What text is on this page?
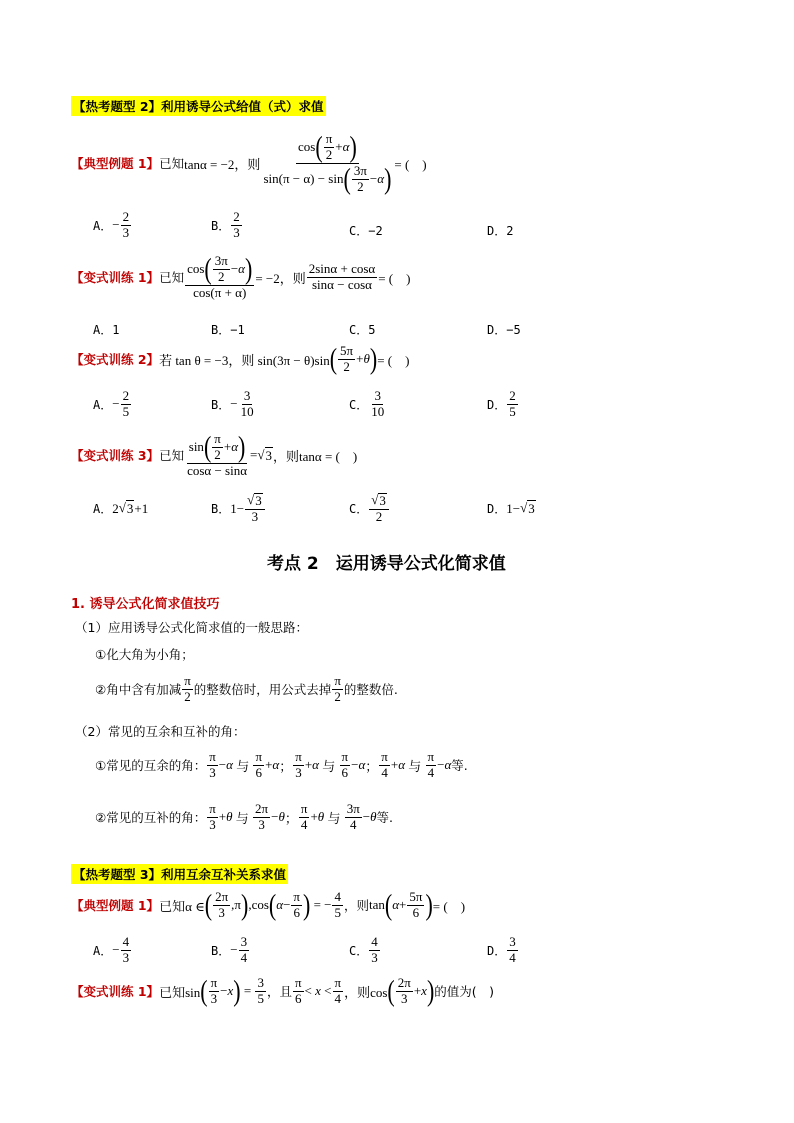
【热考题型 2】利用诱导公式给值（式）求值
【典型例题 1】 已知 tanα = −2，则 $\frac{\cos ( \frac{\pi}{2} + \alpha )}{\sin(\pi - \alpha) - \sin ( \frac{3\pi}{2} - \alpha )}$ = (　)
A． − $\frac{2}{3}$	B． $\frac{2}{3}$	C．−2	D．2
【变式训练 1】 已知 $\frac{\cos ( \frac{3\pi}{2} - \alpha )}{\cos(\pi + \alpha)} = -2$，则 $\frac{2\sin\alpha + \cos\alpha}{\sin\alpha - \cos\alpha}$ = (　)
A．1	B．−1	C．5	D．−5
【变式训练 2】 若 tan θ = −3，则 sin(3π − θ)sin ( $\frac{5\pi}{2} + \theta$ ) = (　)
A． − $\frac{2}{5}$	B． − $\frac{3}{10}$	C． $\frac{3}{10}$	D． $\frac{2}{5}$
【变式训练 3】 已知 $\frac{\sin ( \frac{\pi}{2} + \alpha )}{\cos\alpha - \sin\alpha}$ = √ 3 ，则tanα = (　)
A． 2 √ 3 +1	B． $1- \frac{√ 3}{3}$	C． $\frac{√ 3}{2}$	D． 1− √ 3
考点 2　运用诱导公式化简求值
1. 诱导公式化简求值技巧
（1）应用诱导公式化简求值的一般思路：
①化大角为小角；
②角中含有加减 $\frac{\pi}{2}$ 的整数倍时，用公式去掉 $\frac{\pi}{2}$ 的整数倍.
（2）常见的互余和互补的角：
①常见的互余的角： $\frac{\pi}{3} - \alpha$ 与 $\frac{\pi}{6} + \alpha$ ； $\frac{\pi}{3} + \alpha$ 与 $\frac{\pi}{6} - \alpha$ ； $\frac{\pi}{4} + \alpha$ 与 $\frac{\pi}{4} - \alpha$ 等.
②常见的互补的角： $\frac{\pi}{3} + \theta$ 与 $\frac{2\pi}{3} - \theta$ ； $\frac{\pi}{4} + \theta$ 与 $\frac{3\pi}{4} - \theta$ 等.
【热考题型 3】利用互余互补关系求值
【典型例题 1】 已知α ∈ ( $\frac{2\pi}{3} ,\pi$ ) ,cos ( $\alpha - \frac{\pi}{6}$ ) = − $\frac{4}{5}$ ，则 tan ( $\alpha + \frac{5\pi}{6}$ ) = (　)
A． − $\frac{4}{3}$	B． − $\frac{3}{4}$	C． $\frac{4}{3}$	D． $\frac{3}{4}$
【变式训练 1】 已知sin ( $\frac{\pi}{3} - x$ ) = $\frac{3}{5}$ ，且 $\frac{\pi}{6} < x < \frac{\pi}{4}$ ，则cos ( $\frac{2\pi}{3} + x$ ) 的值为(　)
